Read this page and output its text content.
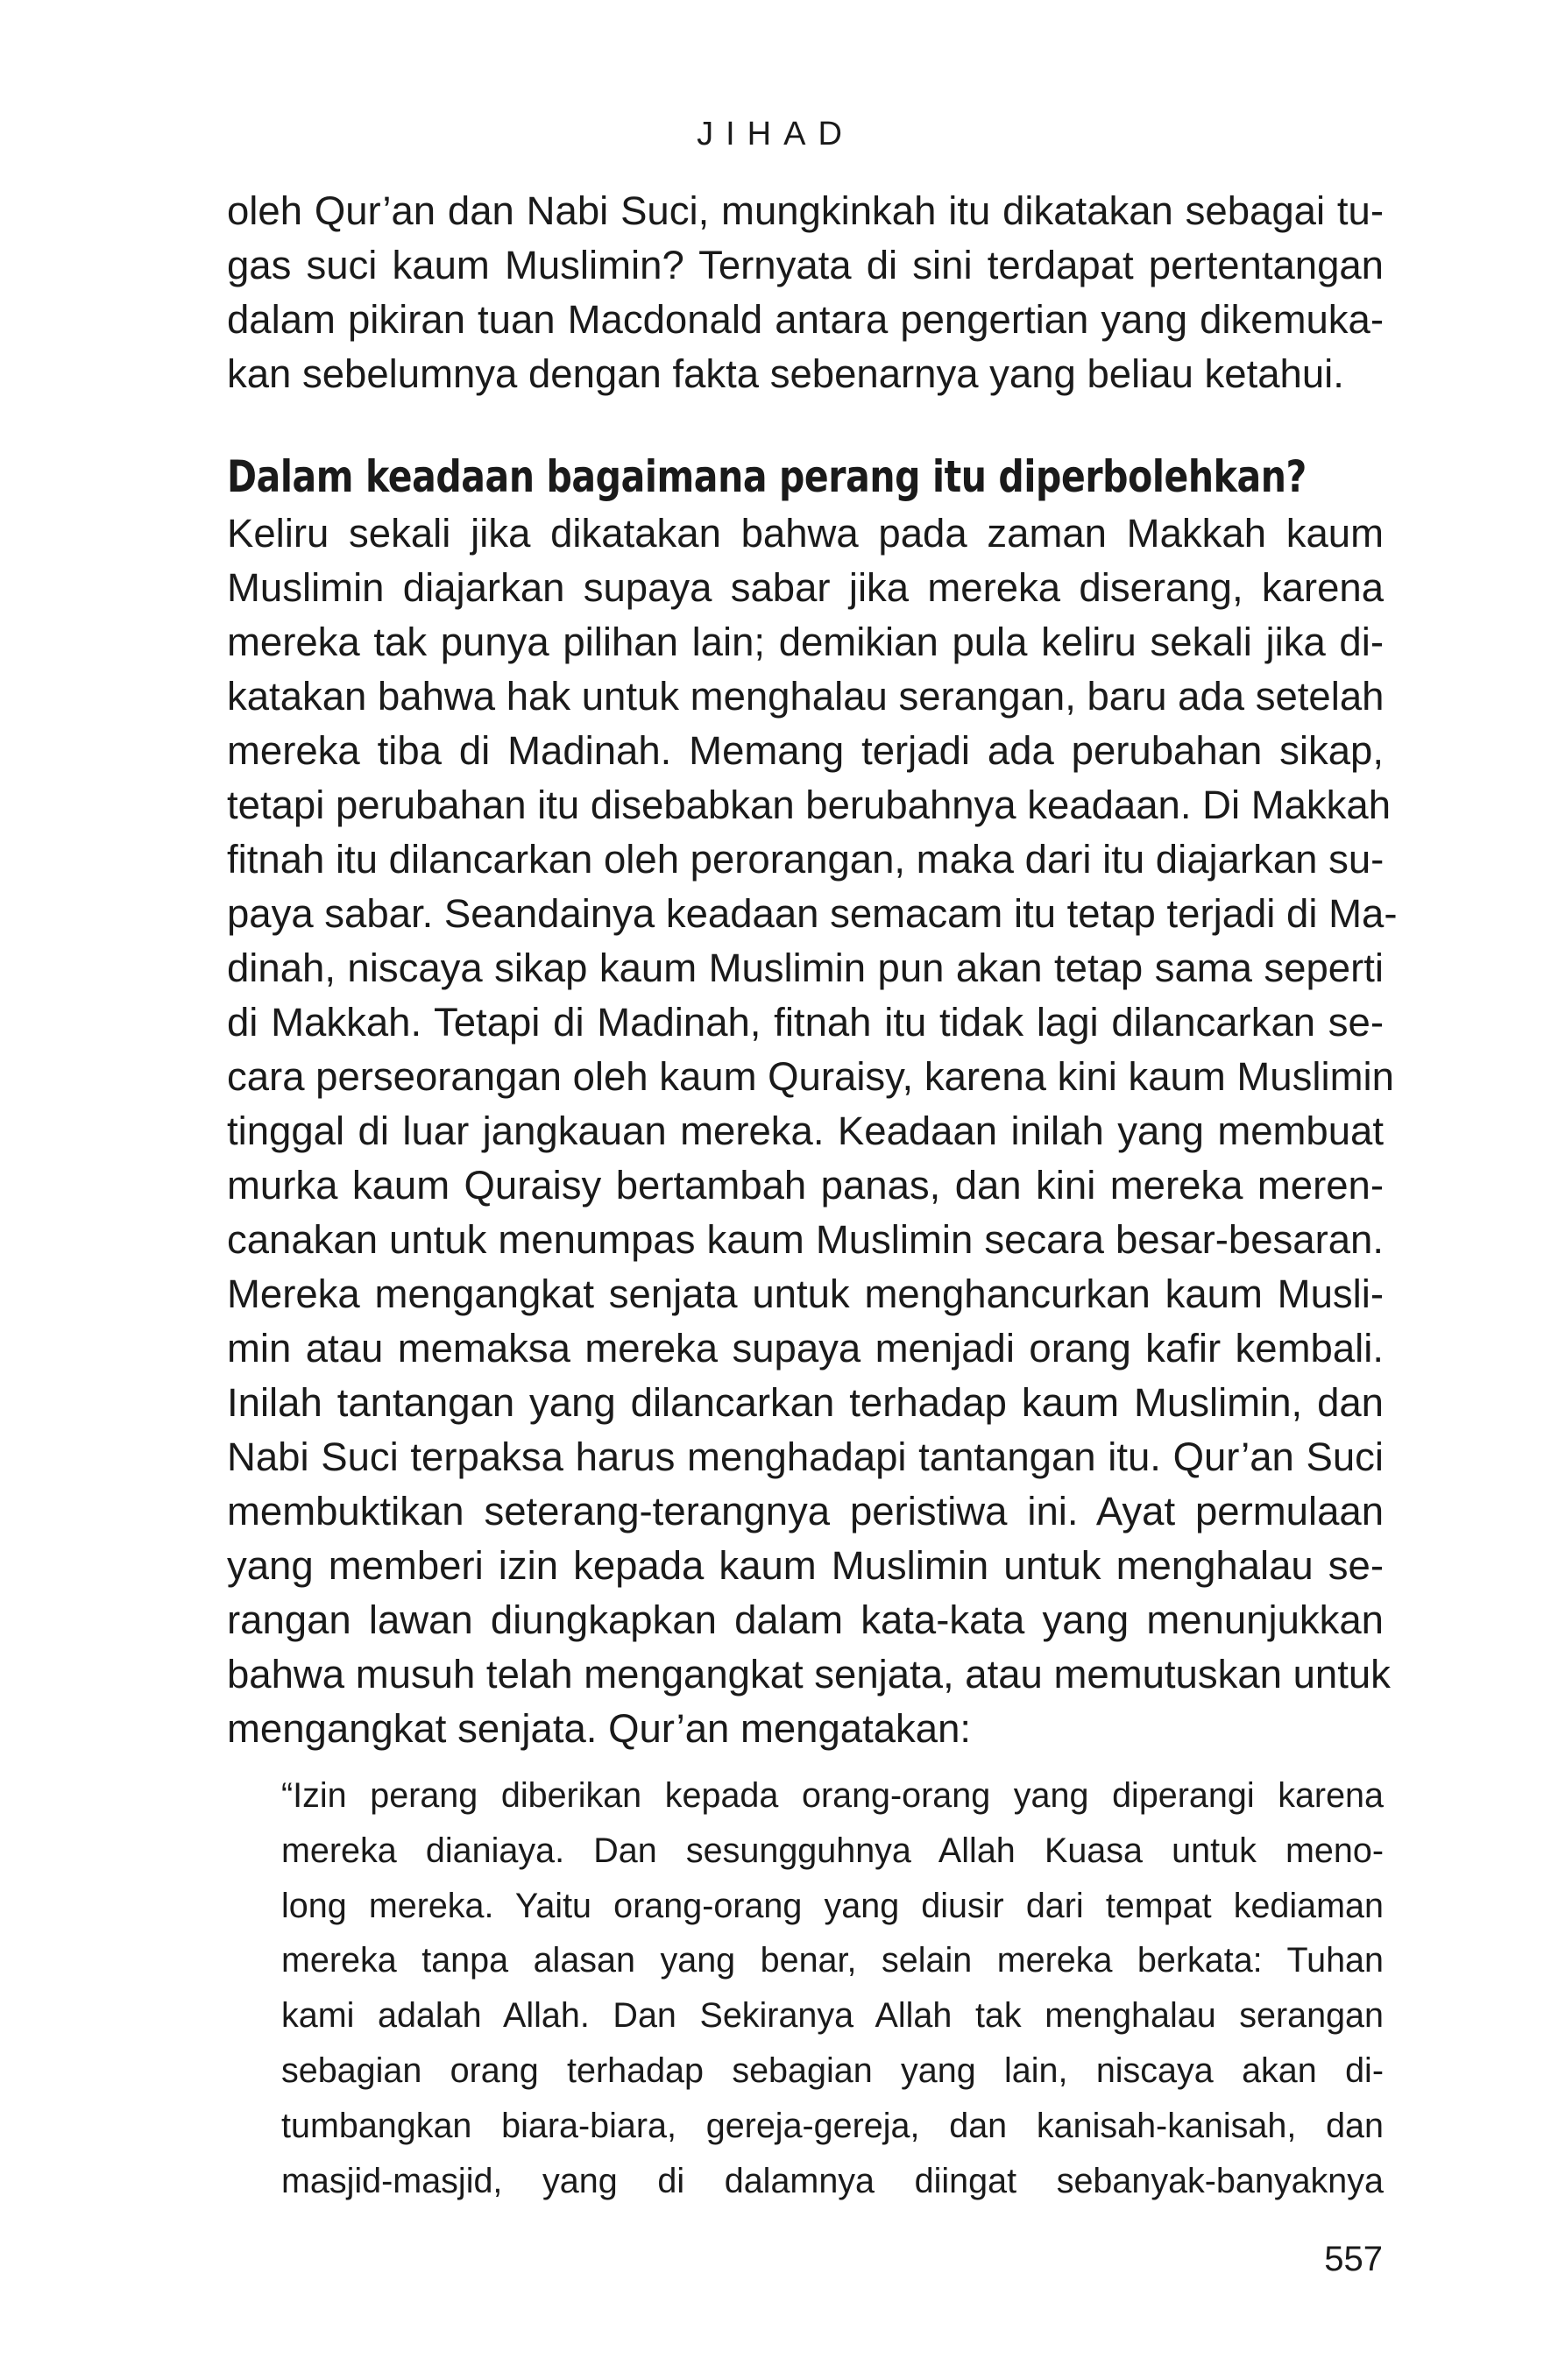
JIHAD
oleh Qur’an dan Nabi Suci, mungkinkah itu dikatakan sebagai tu-
gas suci kaum Muslimin? Ternyata di sini terdapat pertentangan
dalam pikiran tuan Macdonald antara pengertian yang dikemuka-
kan sebelumnya dengan fakta sebenarnya yang beliau ketahui.
Dalam keadaan bagaimana perang itu diperbolehkan?
Keliru sekali jika dikatakan bahwa pada zaman Makkah kaum
Muslimin diajarkan supaya sabar jika mereka diserang, karena
mereka tak punya pilihan lain; demikian pula keliru sekali jika di-
katakan bahwa hak untuk menghalau serangan, baru ada setelah
mereka tiba di Madinah. Memang terjadi ada perubahan sikap,
tetapi perubahan itu disebabkan berubahnya keadaan. Di Makkah
fitnah itu dilancarkan oleh perorangan, maka dari itu diajarkan su-
paya sabar. Seandainya keadaan semacam itu tetap terjadi di Ma-
dinah, niscaya sikap kaum Muslimin pun akan tetap sama seperti
di Makkah. Tetapi di Madinah, fitnah itu tidak lagi dilancarkan se-
cara perseorangan oleh kaum Quraisy, karena kini kaum Muslimin
tinggal di luar jangkauan mereka. Keadaan inilah yang membuat
murka kaum Quraisy bertambah panas, dan kini mereka meren-
canakan untuk menumpas kaum Muslimin secara besar-besaran.
Mereka mengangkat senjata untuk menghancurkan kaum Musli-
min atau memaksa mereka supaya menjadi orang kafir kembali.
Inilah tantangan yang dilancarkan terhadap kaum Muslimin, dan
Nabi Suci terpaksa harus menghadapi tantangan itu. Qur’an Suci
membuktikan seterang-terangnya peristiwa ini. Ayat permulaan
yang memberi izin kepada kaum Muslimin untuk menghalau se-
rangan lawan diungkapkan dalam kata-kata yang menunjukkan
bahwa musuh telah mengangkat senjata, atau memutuskan untuk
mengangkat senjata. Qur’an mengatakan:
“Izin perang diberikan kepada orang-orang yang diperangi karena
mereka dianiaya. Dan sesungguhnya Allah Kuasa untuk meno-
long mereka. Yaitu orang-orang yang diusir dari tempat kediaman
mereka tanpa alasan yang benar, selain mereka berkata: Tuhan
kami adalah Allah. Dan Sekiranya Allah tak menghalau serangan
sebagian orang terhadap sebagian yang lain, niscaya akan di-
tumbangkan biara-biara, gereja-gereja, dan kanisah-kanisah, dan
masjid-masjid, yang di dalamnya diingat sebanyak-banyaknya
557
